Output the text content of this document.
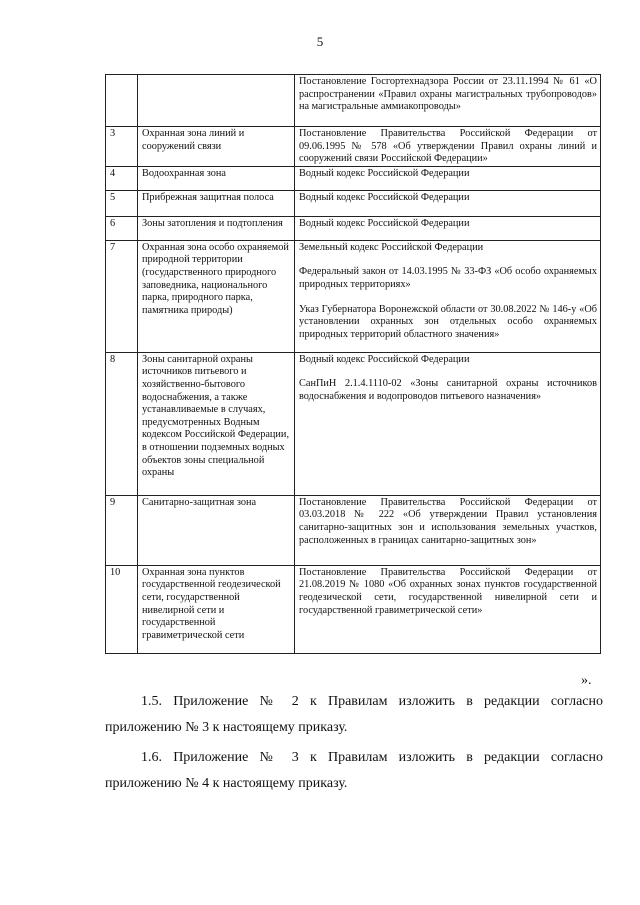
5

		Постановление Госгортехнадзора России от 23.11.1994 № 61 «О распространении «Правил охраны магистральных трубопроводов» на магистральные аммиакопроводы»

3	Охранная зона линий и сооружений связи	Постановление Правительства Российской Федерации от 09.06.1995 № 578 «Об утверждении Правил охраны линий и сооружений связи Российской Федерации»

4	Водоохранная зона	Водный кодекс Российской Федерации

5	Прибрежная защитная полоса	Водный кодекс Российской Федерации

6	Зоны затопления и подтопления	Водный кодекс Российской Федерации

7	Охранная зона особо охраняемой природной территории (государственного природного заповедника, национального парка, природного парка, памятника природы)	Земельный кодекс Российской Федерации
Федеральный закон от 14.03.1995 № 33-ФЗ «Об особо охраняемых природных территориях»
Указ Губернатора Воронежской области от 30.08.2022 № 146-у «Об установлении охранных зон отдельных особо охраняемых природных территорий областного значения»

8	Зоны санитарной охраны источников питьевого и хозяйственно-бытового водоснабжения, а также устанавливаемые в случаях, предусмотренных Водным кодексом Российской Федерации, в отношении подземных водных объектов зоны специальной охраны	Водный кодекс Российской Федерации
СанПиН 2.1.4.1110-02 «Зоны санитарной охраны источников водоснабжения и водопроводов питьевого назначения»

9	Санитарно-защитная зона	Постановление Правительства Российской Федерации от 03.03.2018 № 222 «Об утверждении Правил установления санитарно-защитных зон и использования земельных участков, расположенных в границах санитарно-защитных зон»

10	Охранная зона пунктов государственной геодезической сети, государственной нивелирной сети и государственной гравиметрической сети	Постановление Правительства Российской Федерации от 21.08.2019 № 1080 «Об охранных зонах пунктов государственной геодезической сети, государственной нивелирной сети и государственной гравиметрической сети»
».

1.5. Приложение № 2 к Правилам изложить в редакции согласно приложению № 3 к настоящему приказу.

1.6. Приложение № 3 к Правилам изложить в редакции согласно приложению № 4 к настоящему приказу.
